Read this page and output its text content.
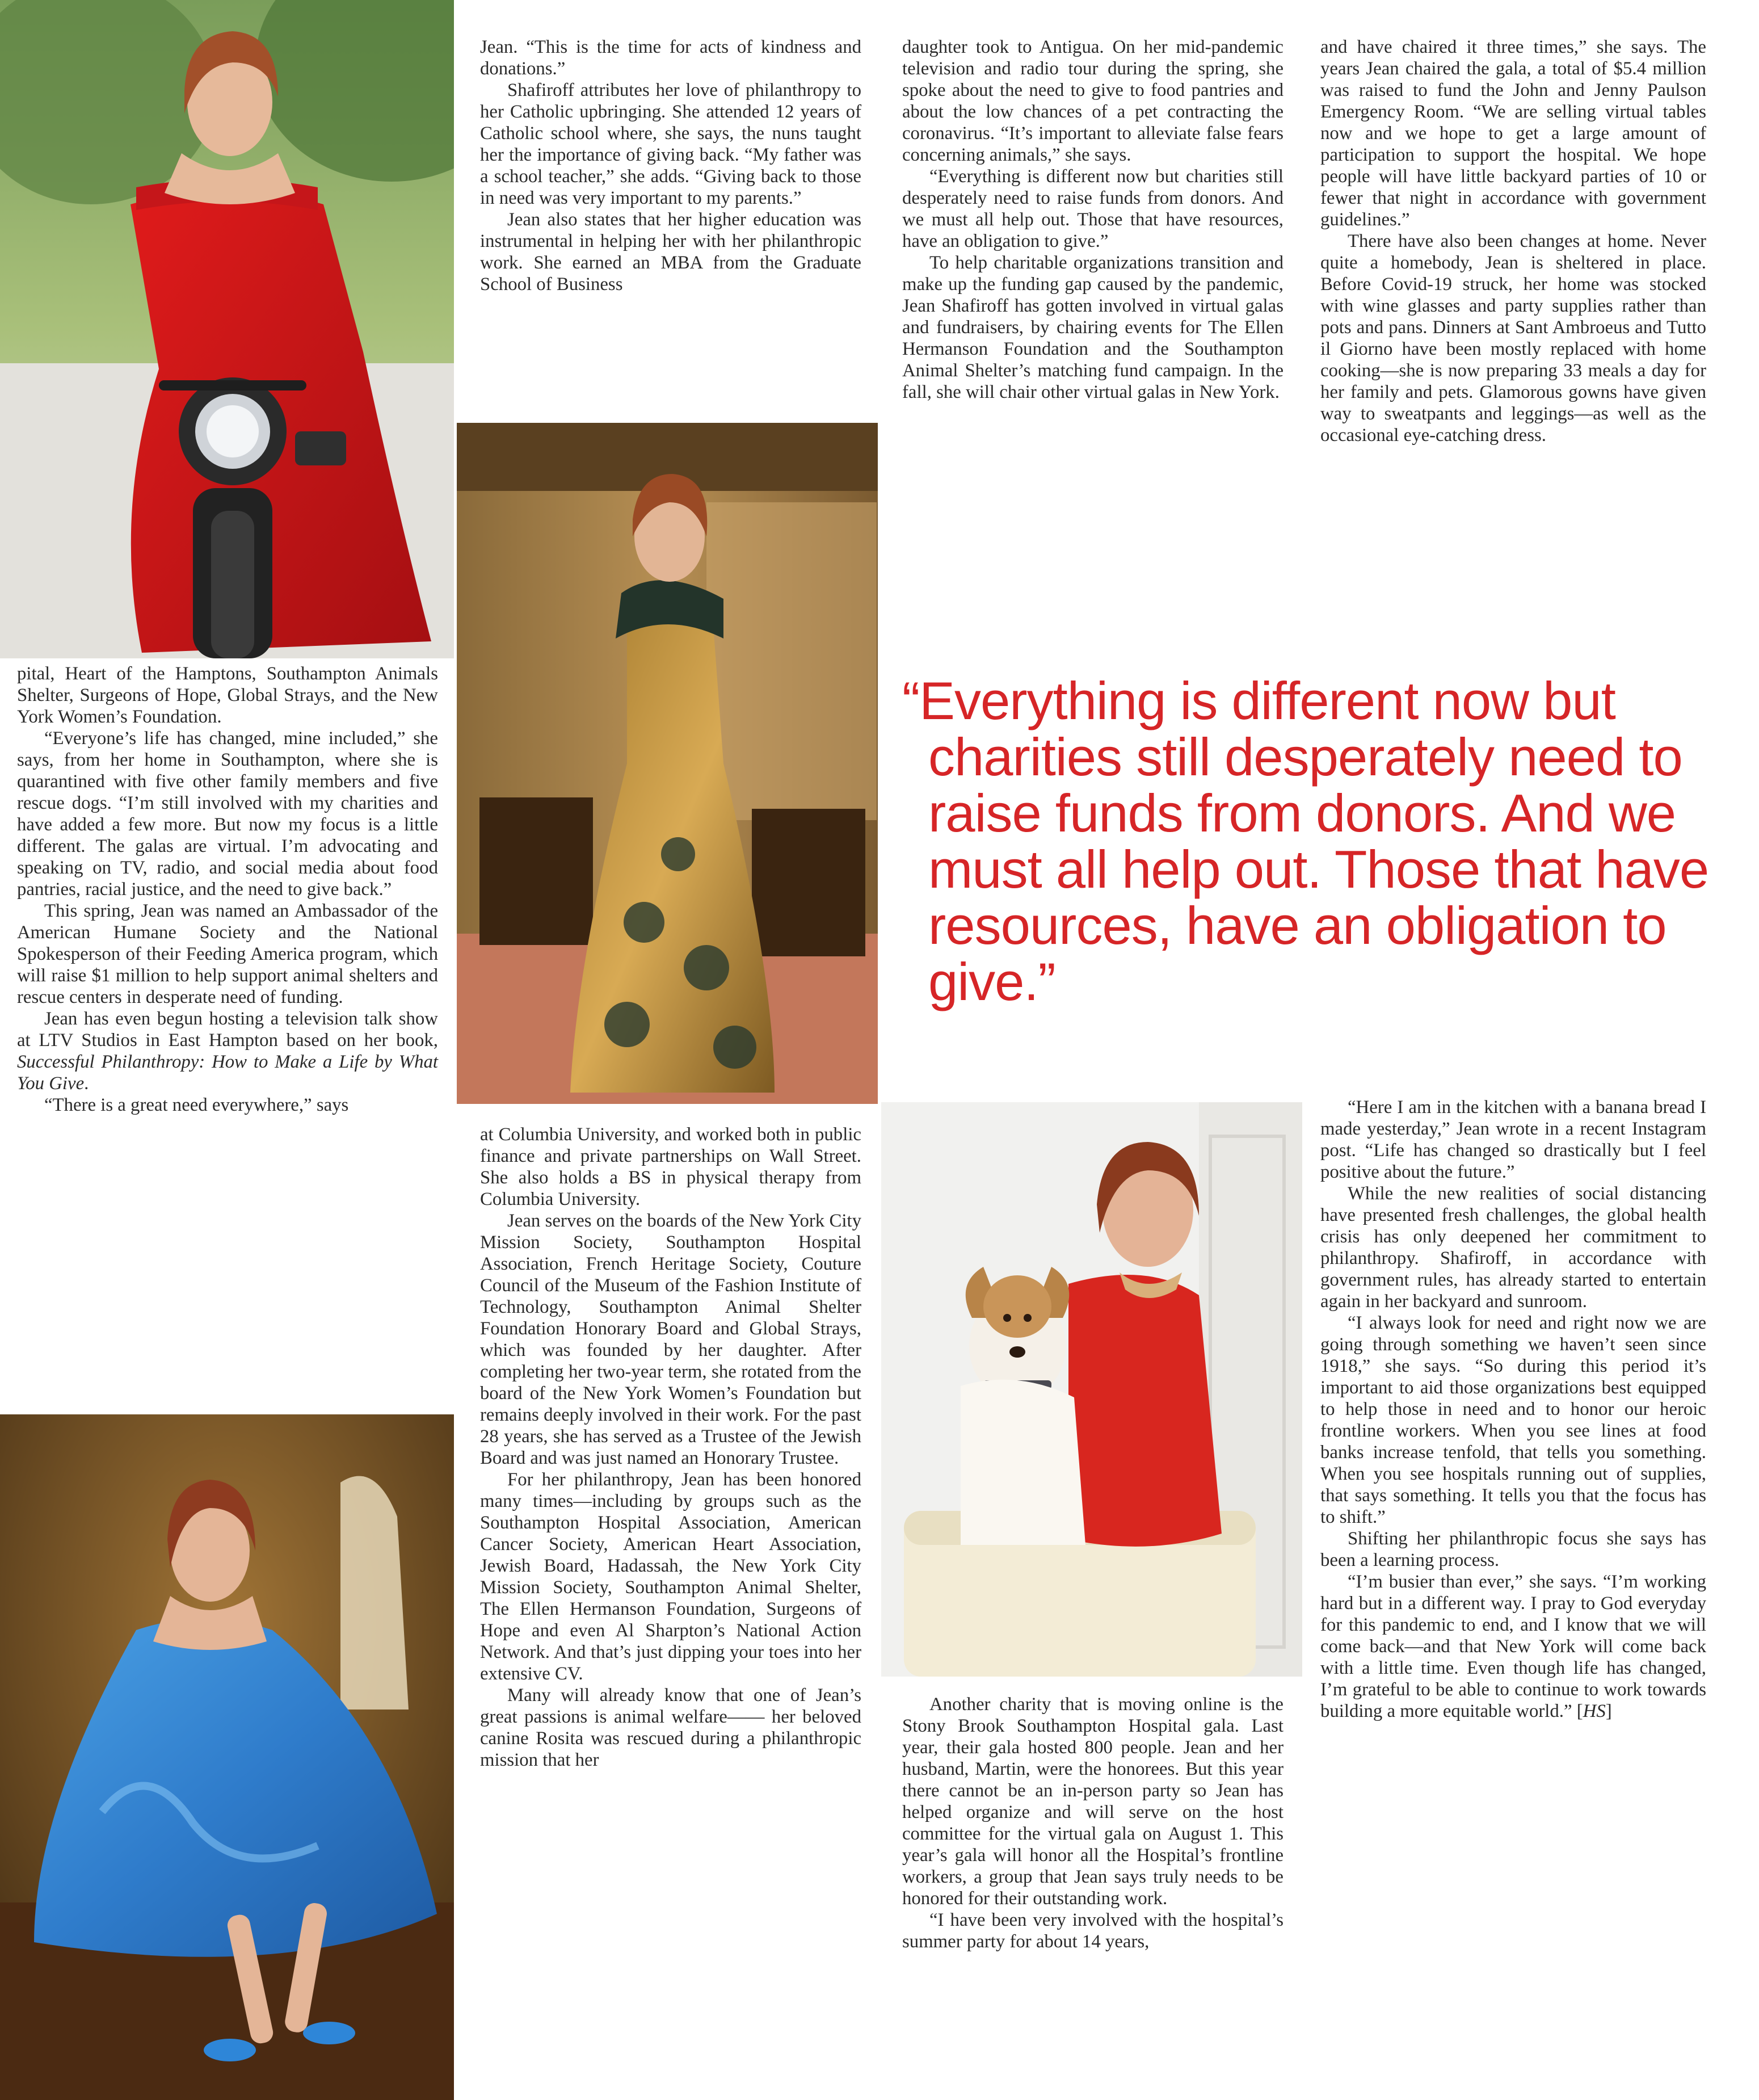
pital, Heart of the Hamptons, Southampton Animals Shelter, Surgeons of Hope, Global Strays, and the New York Women’s Foundation.

“Everyone’s life has changed, mine included,” she says, from her home in Southampton, where she is quarantined with five other family members and five rescue dogs. “I’m still involved with my charities and have added a few more. But now my focus is a little different. The galas are virtual. I’m advocating and speaking on TV, radio, and social media about food pantries, racial justice, and the need to give back.”

This spring, Jean was named an Ambassador of the American Humane Society and the National Spokesperson of their Feeding America program, which will raise $1 million to help support animal shelters and rescue centers in desperate need of funding.

Jean has even begun hosting a television talk show at LTV Studios in East Hampton based on her book, Successful Philanthropy: How to Make a Life by What You Give.

“There is a great need everywhere,” says

Jean. “This is the time for acts of kindness and donations.”

Shafiroff attributes her love of philanthropy to her Catholic upbringing. She attended 12 years of Catholic school where, she says, the nuns taught her the importance of giving back. “My father was a school teacher,” she adds. “Giving back to those in need was very important to my parents.”

Jean also states that her higher education was instrumental in helping her with her philanthropic work. She earned an MBA from the Graduate School of Business

at Columbia University, and worked both in public finance and private partnerships on Wall Street. She also holds a BS in physical therapy from Columbia University.

Jean serves on the boards of the New York City Mission Society, Southampton Hospital Association, French Heritage Society, Couture Council of the Museum of the Fashion Institute of Technology, Southampton Animal Shelter Foundation Honorary Board and Global Strays, which was founded by her daughter. After completing her two-year term, she rotated from the board of the New York Women’s Foundation but remains deeply involved in their work. For the past 28 years, she has served as a Trustee of the Jewish Board and was just named an Honorary Trustee.

For her philanthropy, Jean has been honored many times—including by groups such as the Southampton Hospital Association, American Cancer Society, American Heart Association, Jewish Board, Hadassah, the New York City Mission Society, Southampton Animal Shelter, The Ellen Hermanson Foundation, Surgeons of Hope and even Al Sharpton’s National Action Network. And that’s just dipping your toes into her extensive CV.

Many will already know that one of Jean’s great passions is animal welfare—— her beloved canine Rosita was rescued during a philanthropic mission that her

daughter took to Antigua. On her mid-pandemic television and radio tour during the spring, she spoke about the need to give to food pantries and about the low chances of a pet contracting the coronavirus. “It’s important to alleviate false fears concerning animals,” she says.

“Everything is different now but charities still desperately need to raise funds from donors. And we must all help out. Those that have resources, have an obligation to give.”

To help charitable organizations transition and make up the funding gap caused by the pandemic, Jean Shafiroff has gotten involved in virtual galas and fundraisers, by chairing events for The Ellen Hermanson Foundation and the Southampton Animal Shelter’s matching fund campaign. In the fall, she will chair other virtual galas in New York.

Another charity that is moving online is the Stony Brook Southampton Hospital gala. Last year, their gala hosted 800 people. Jean and her husband, Martin, were the honorees. But this year there cannot be an in-person party so Jean has helped organize and will serve on the host committee for the virtual gala on August 1. This year’s gala will honor all the Hospital’s frontline workers, a group that Jean says truly needs to be honored for their outstanding work.

“I have been very involved with the hospital’s summer party for about 14 years,

and have chaired it three times,” she says. The years Jean chaired the gala, a total of $5.4 million was raised to fund the John and Jenny Paulson Emergency Room. “We are selling virtual tables now and we hope to get a large amount of participation to support the hospital. We hope people will have little backyard parties of 10 or fewer that night in accordance with government guidelines.”

There have also been changes at home. Never quite a homebody, Jean is sheltered in place. Before Covid-19 struck, her home was stocked with wine glasses and party supplies rather than pots and pans. Dinners at Sant Ambroeus and Tutto il Giorno have been mostly replaced with home cooking—she is now preparing 33 meals a day for her family and pets. Glamorous gowns have given way to sweatpants and leggings—as well as the occasional eye-catching dress.

“Everything is different now but charities still desperately need to raise funds from donors. And we must all help out. Those that have resources, have an obligation to give.”

“Here I am in the kitchen with a banana bread I made yesterday,” Jean wrote in a recent Instagram post. “Life has changed so drastically but I feel positive about the future.”

While the new realities of social distancing have presented fresh challenges, the global health crisis has only deepened her commitment to philanthropy. Shafiroff, in accordance with government rules, has already started to entertain again in her backyard and sunroom.

“I always look for need and right now we are going through something we haven’t seen since 1918,” she says. “So during this period it’s important to aid those organizations best equipped to help those in need and to honor our heroic frontline workers. When you see lines at food banks increase tenfold, that tells you something. When you see hospitals running out of supplies, that says something. It tells you that the focus has to shift.”

Shifting her philanthropic focus she says has been a learning process.

“I’m busier than ever,” she says. “I’m working hard but in a different way. I pray to God everyday for this pandemic to end, and I know that we will come back—and that New York will come back with a little time. Even though life has changed, I’m grateful to be able to continue to work towards building a more equitable world.” [HS]
